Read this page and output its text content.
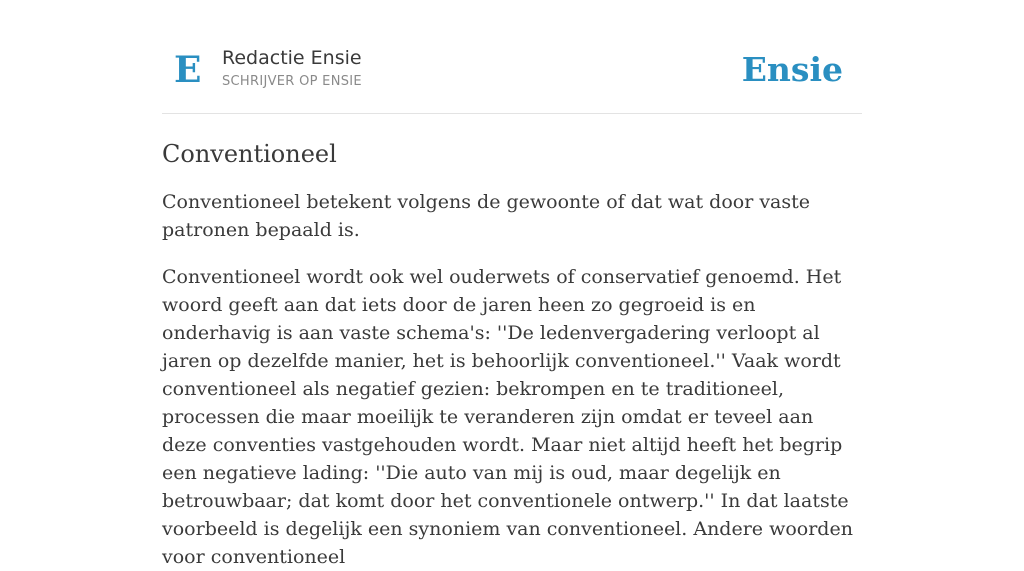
E Redactie Ensie
SCHRIJVER OP ENSIE	Ensie
Conventioneel

Conventioneel betekent volgens de gewoonte of dat wat door vaste patronen bepaald is.

Conventioneel wordt ook wel ouderwets of conservatief genoemd. Het woord geeft aan dat iets door de jaren heen zo gegroeid is en onderhavig is aan vaste schema's: ''De ledenvergadering verloopt al jaren op dezelfde manier, het is behoorlijk conventioneel.'' Vaak wordt conventioneel als negatief gezien: bekrompen en te traditioneel, processen die maar moeilijk te veranderen zijn omdat er teveel aan deze conventies vastgehouden wordt. Maar niet altijd heeft het begrip een negatieve lading: ''Die auto van mij is oud, maar degelijk en betrouwbaar; dat komt door het conventionele ontwerp.'' In dat laatste voorbeeld is degelijk een synoniem van conventioneel. Andere woorden voor conventioneel
